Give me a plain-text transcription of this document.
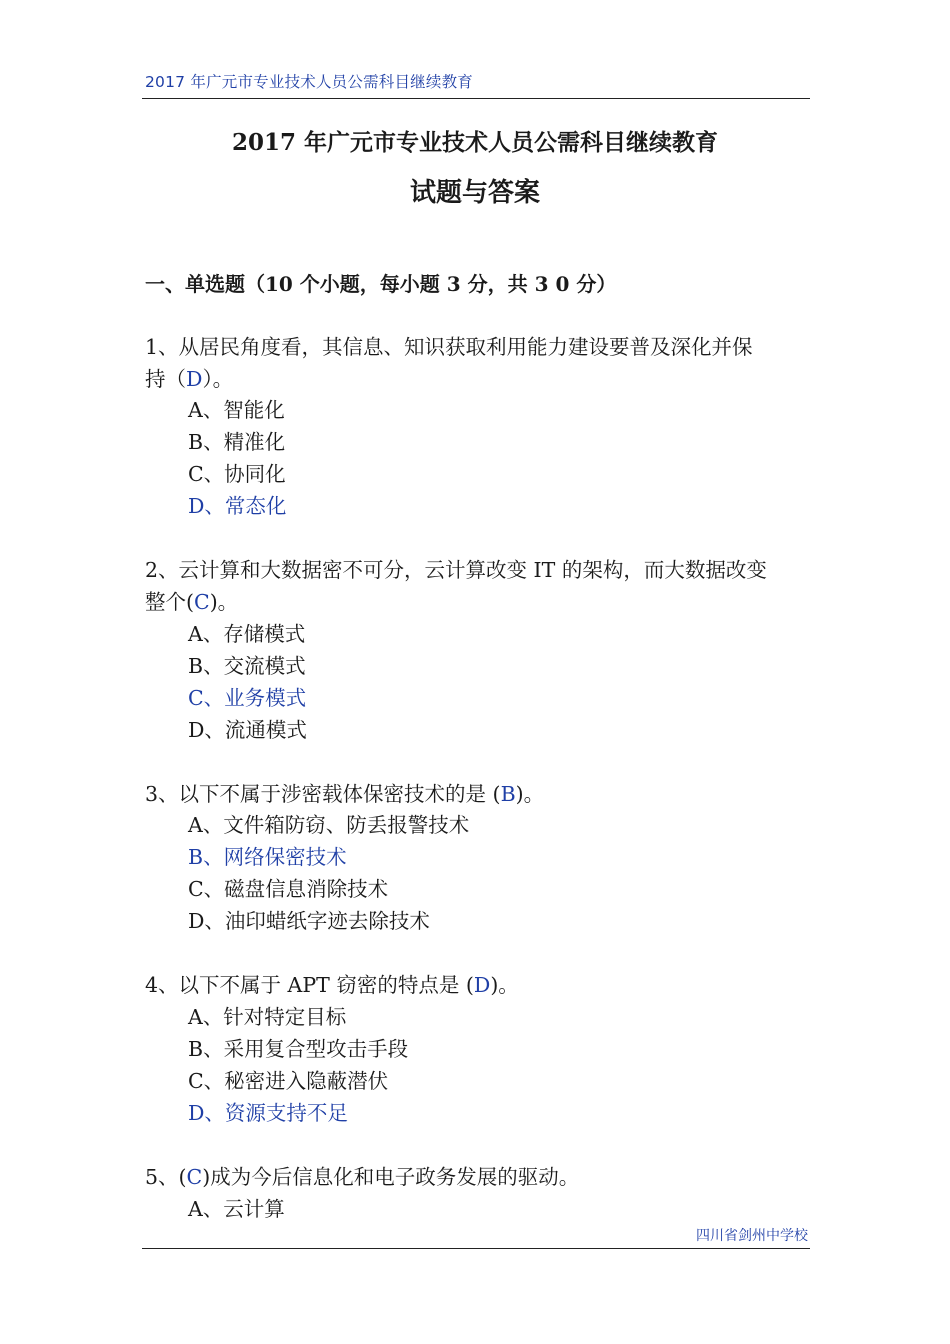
2017 年广元市专业技术人员公需科目继续教育
2017 年广元市专业技术人员公需科目继续教育
试题与答案
一、单选题（10 个小题，每小题 3 分，共 3 0 分）
1、从居民角度看，其信息、知识获取利用能力建设要普及深化并保
持（D）。
A、智能化
B、精准化
C、协同化
D、常态化
2、云计算和大数据密不可分，云计算改变 IT 的架构，而大数据改变
整个(C)。
A、存储模式
B、交流模式
C、业务模式
D、流通模式
3、以下不属于涉密载体保密技术的是 (B)。
A、文件箱防窃、防丢报警技术
B、网络保密技术
C、磁盘信息消除技术
D、油印蜡纸字迹去除技术
4、以下不属于 APT 窃密的特点是 (D)。
A、针对特定目标
B、采用复合型攻击手段
C、秘密进入隐蔽潜伏
D、资源支持不足
5、(C)成为今后信息化和电子政务发展的驱动。
A、云计算
四川省剑州中学校
